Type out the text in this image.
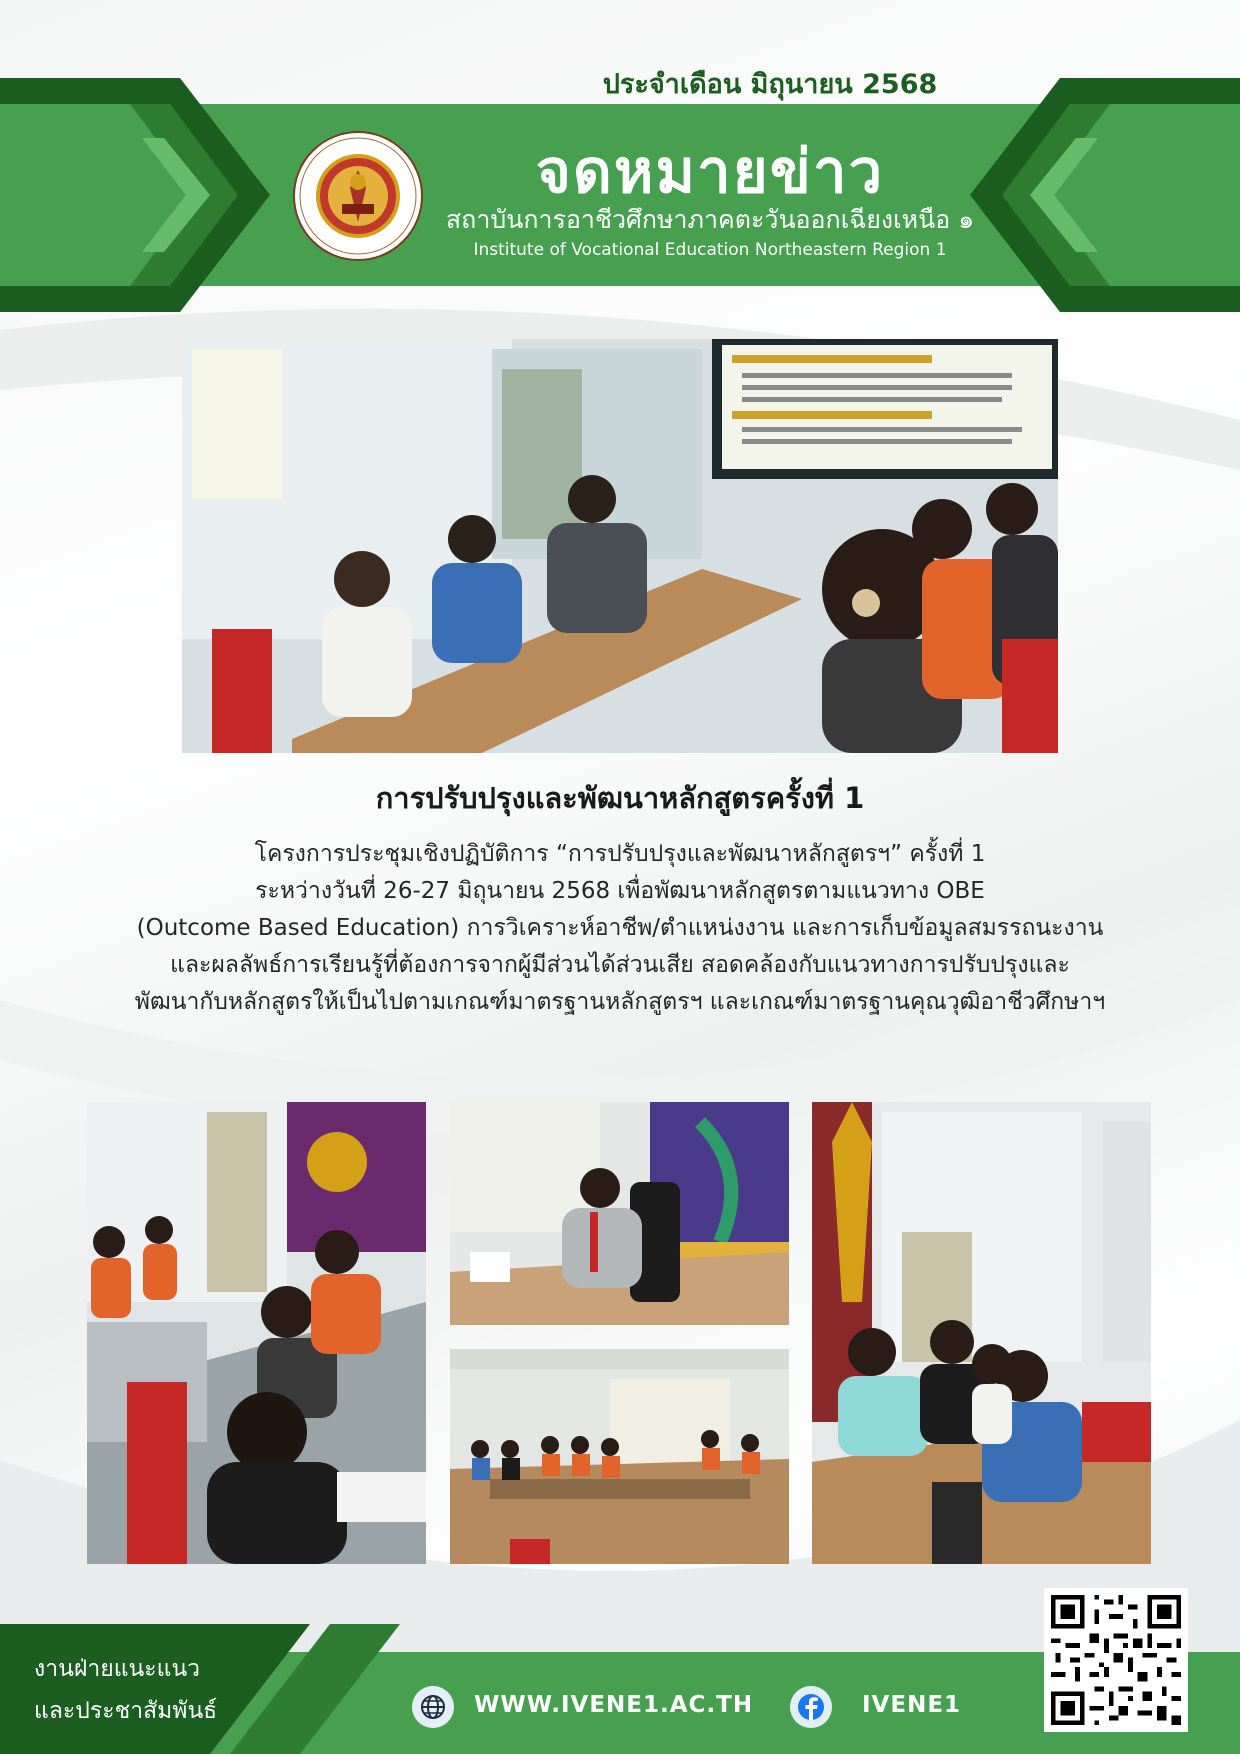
ประจำเดือน มิถุนายน 2568
จดหมายข่าว
สถาบันการอาชีวศึกษาภาคตะวันออกเฉียงเหนือ ๑
Institute of Vocational Education Northeastern Region 1
การปรับปรุงและพัฒนาหลักสูตรครั้งที่ 1
โครงการประชุมเชิงปฏิบัติการ “การปรับปรุงและพัฒนาหลักสูตรฯ” ครั้งที่ 1
ระหว่างวันที่ 26-27 มิถุนายน 2568 เพื่อพัฒนาหลักสูตรตามแนวทาง OBE
(Outcome Based Education) การวิเคราะห์อาชีพ/ตำแหน่งงาน และการเก็บข้อมูลสมรรถนะงาน
และผลลัพธ์การเรียนรู้ที่ต้องการจากผู้มีส่วนได้ส่วนเสีย สอดคล้องกับแนวทางการปรับปรุงและ
พัฒนากับหลักสูตรให้เป็นไปตามเกณฑ์มาตรฐานหลักสูตรฯ และเกณฑ์มาตรฐานคุณวุฒิอาชีวศึกษาฯ
งานฝ่ายแนะแนว
และประชาสัมพันธ์	WWW.IVENE1.AC.TH	IVENE1
